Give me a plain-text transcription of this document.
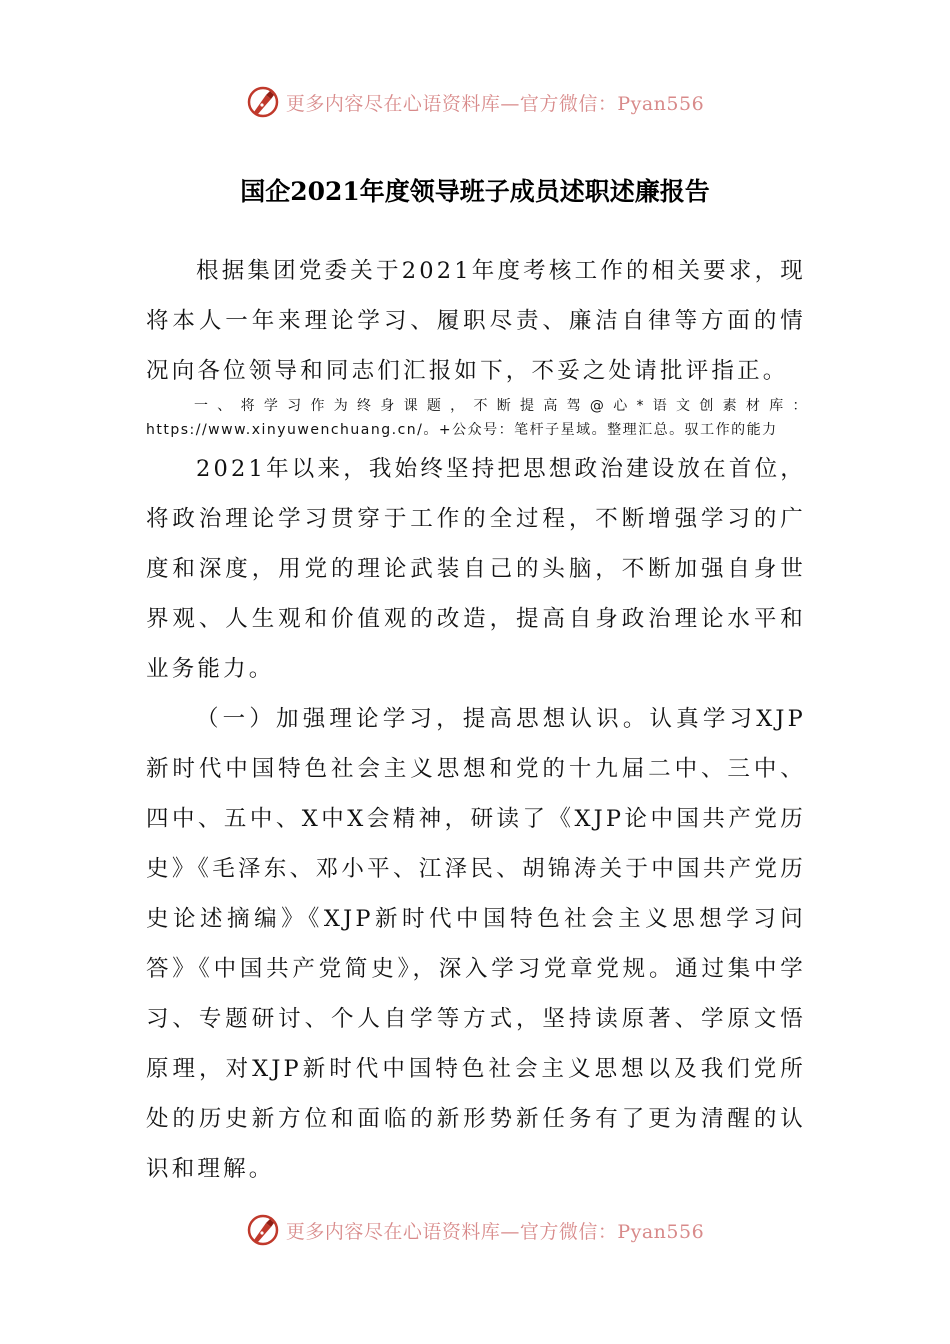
更多内容尽在心语资料库—官方微信：Pyan556
国企2021年度领导班子成员述职述廉报告

根据集团党委关于2021年度考核工作的相关要求，现将本人一年来理论学习、履职尽责、廉洁自律等方面的情况向各位领导和同志们汇报如下，不妥之处请批评指正。

一、将学习作为终身课题，不断提高驾@心*语文创素材库：https://www.xinyuwenchuang.cn/。+公众号：笔杆子星域。整理汇总。驭工作的能力

2021年以来，我始终坚持把思想政治建设放在首位，将政治理论学习贯穿于工作的全过程，不断增强学习的广度和深度，用党的理论武装自己的头脑，不断加强自身世界观、人生观和价值观的改造，提高自身政治理论水平和业务能力。

（一）加强理论学习，提高思想认识。认真学习XJP新时代中国特色社会主义思想和党的十九届二中、三中、四中、五中、X中X会精神，研读了《XJP论中国共产党历史》《毛泽东、邓小平、江泽民、胡锦涛关于中国共产党历史论述摘编》《XJP新时代中国特色社会主义思想学习问答》《中国共产党简史》，深入学习党章党规。通过集中学习、专题研讨、个人自学等方式，坚持读原著、学原文悟原理，对XJP新时代中国特色社会主义思想以及我们党所处的历史新方位和面临的新形势新任务有了更为清醒的认识和理解。

更多内容尽在心语资料库—官方微信：Pyan556
